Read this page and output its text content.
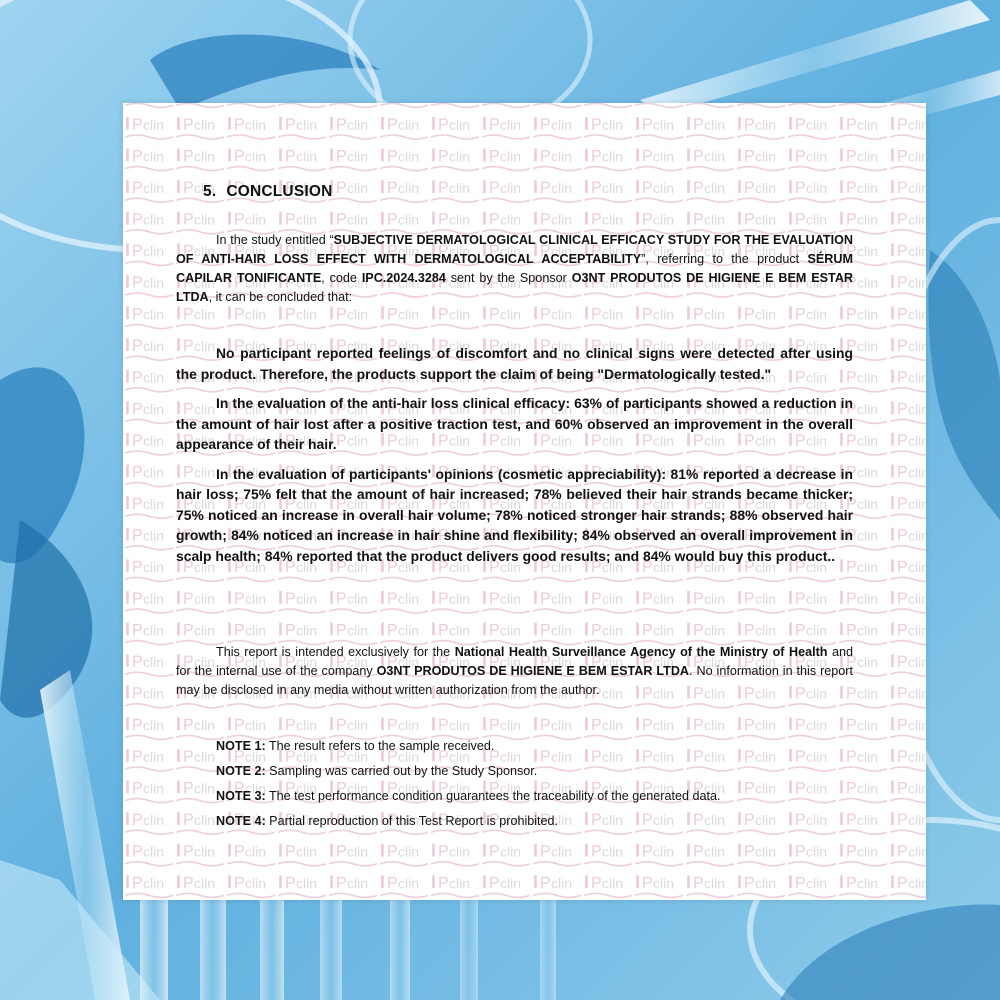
5. CONCLUSION

In the study entitled “SUBJECTIVE DERMATOLOGICAL CLINICAL EFFICACY STUDY FOR THE EVALUATION OF ANTI-HAIR LOSS EFFECT WITH DERMATOLOGICAL ACCEPTABILITY”, referring to the product SÉRUM CAPILAR TONIFICANTE, code IPC.2024.3284 sent by the Sponsor O3NT PRODUTOS DE HIGIENE E BEM ESTAR LTDA, it can be concluded that:

No participant reported feelings of discomfort and no clinical signs were detected after using the product. Therefore, the products support the claim of being "Dermatologically tested."

In the evaluation of the anti-hair loss clinical efficacy: 63% of participants showed a reduction in the amount of hair lost after a positive traction test, and 60% observed an improvement in the overall appearance of their hair.

In the evaluation of participants' opinions (cosmetic appreciability): 81% reported a decrease in hair loss; 75% felt that the amount of hair increased; 78% believed their hair strands became thicker; 75% noticed an increase in overall hair volume; 78% noticed stronger hair strands; 88% observed hair growth; 84% noticed an increase in hair shine and flexibility; 84% observed an overall improvement in scalp health; 84% reported that the product delivers good results; and 84% would buy this product..

This report is intended exclusively for the National Health Surveillance Agency of the Ministry of Health and for the internal use of the company O3NT PRODUTOS DE HIGIENE E BEM ESTAR LTDA. No information in this report may be disclosed in any media without written authorization from the author.

NOTE 1: The result refers to the sample received.
NOTE 2: Sampling was carried out by the Study Sponsor.
NOTE 3: The test performance condition guarantees the traceability of the generated data.
NOTE 4: Partial reproduction of this Test Report is prohibited.
